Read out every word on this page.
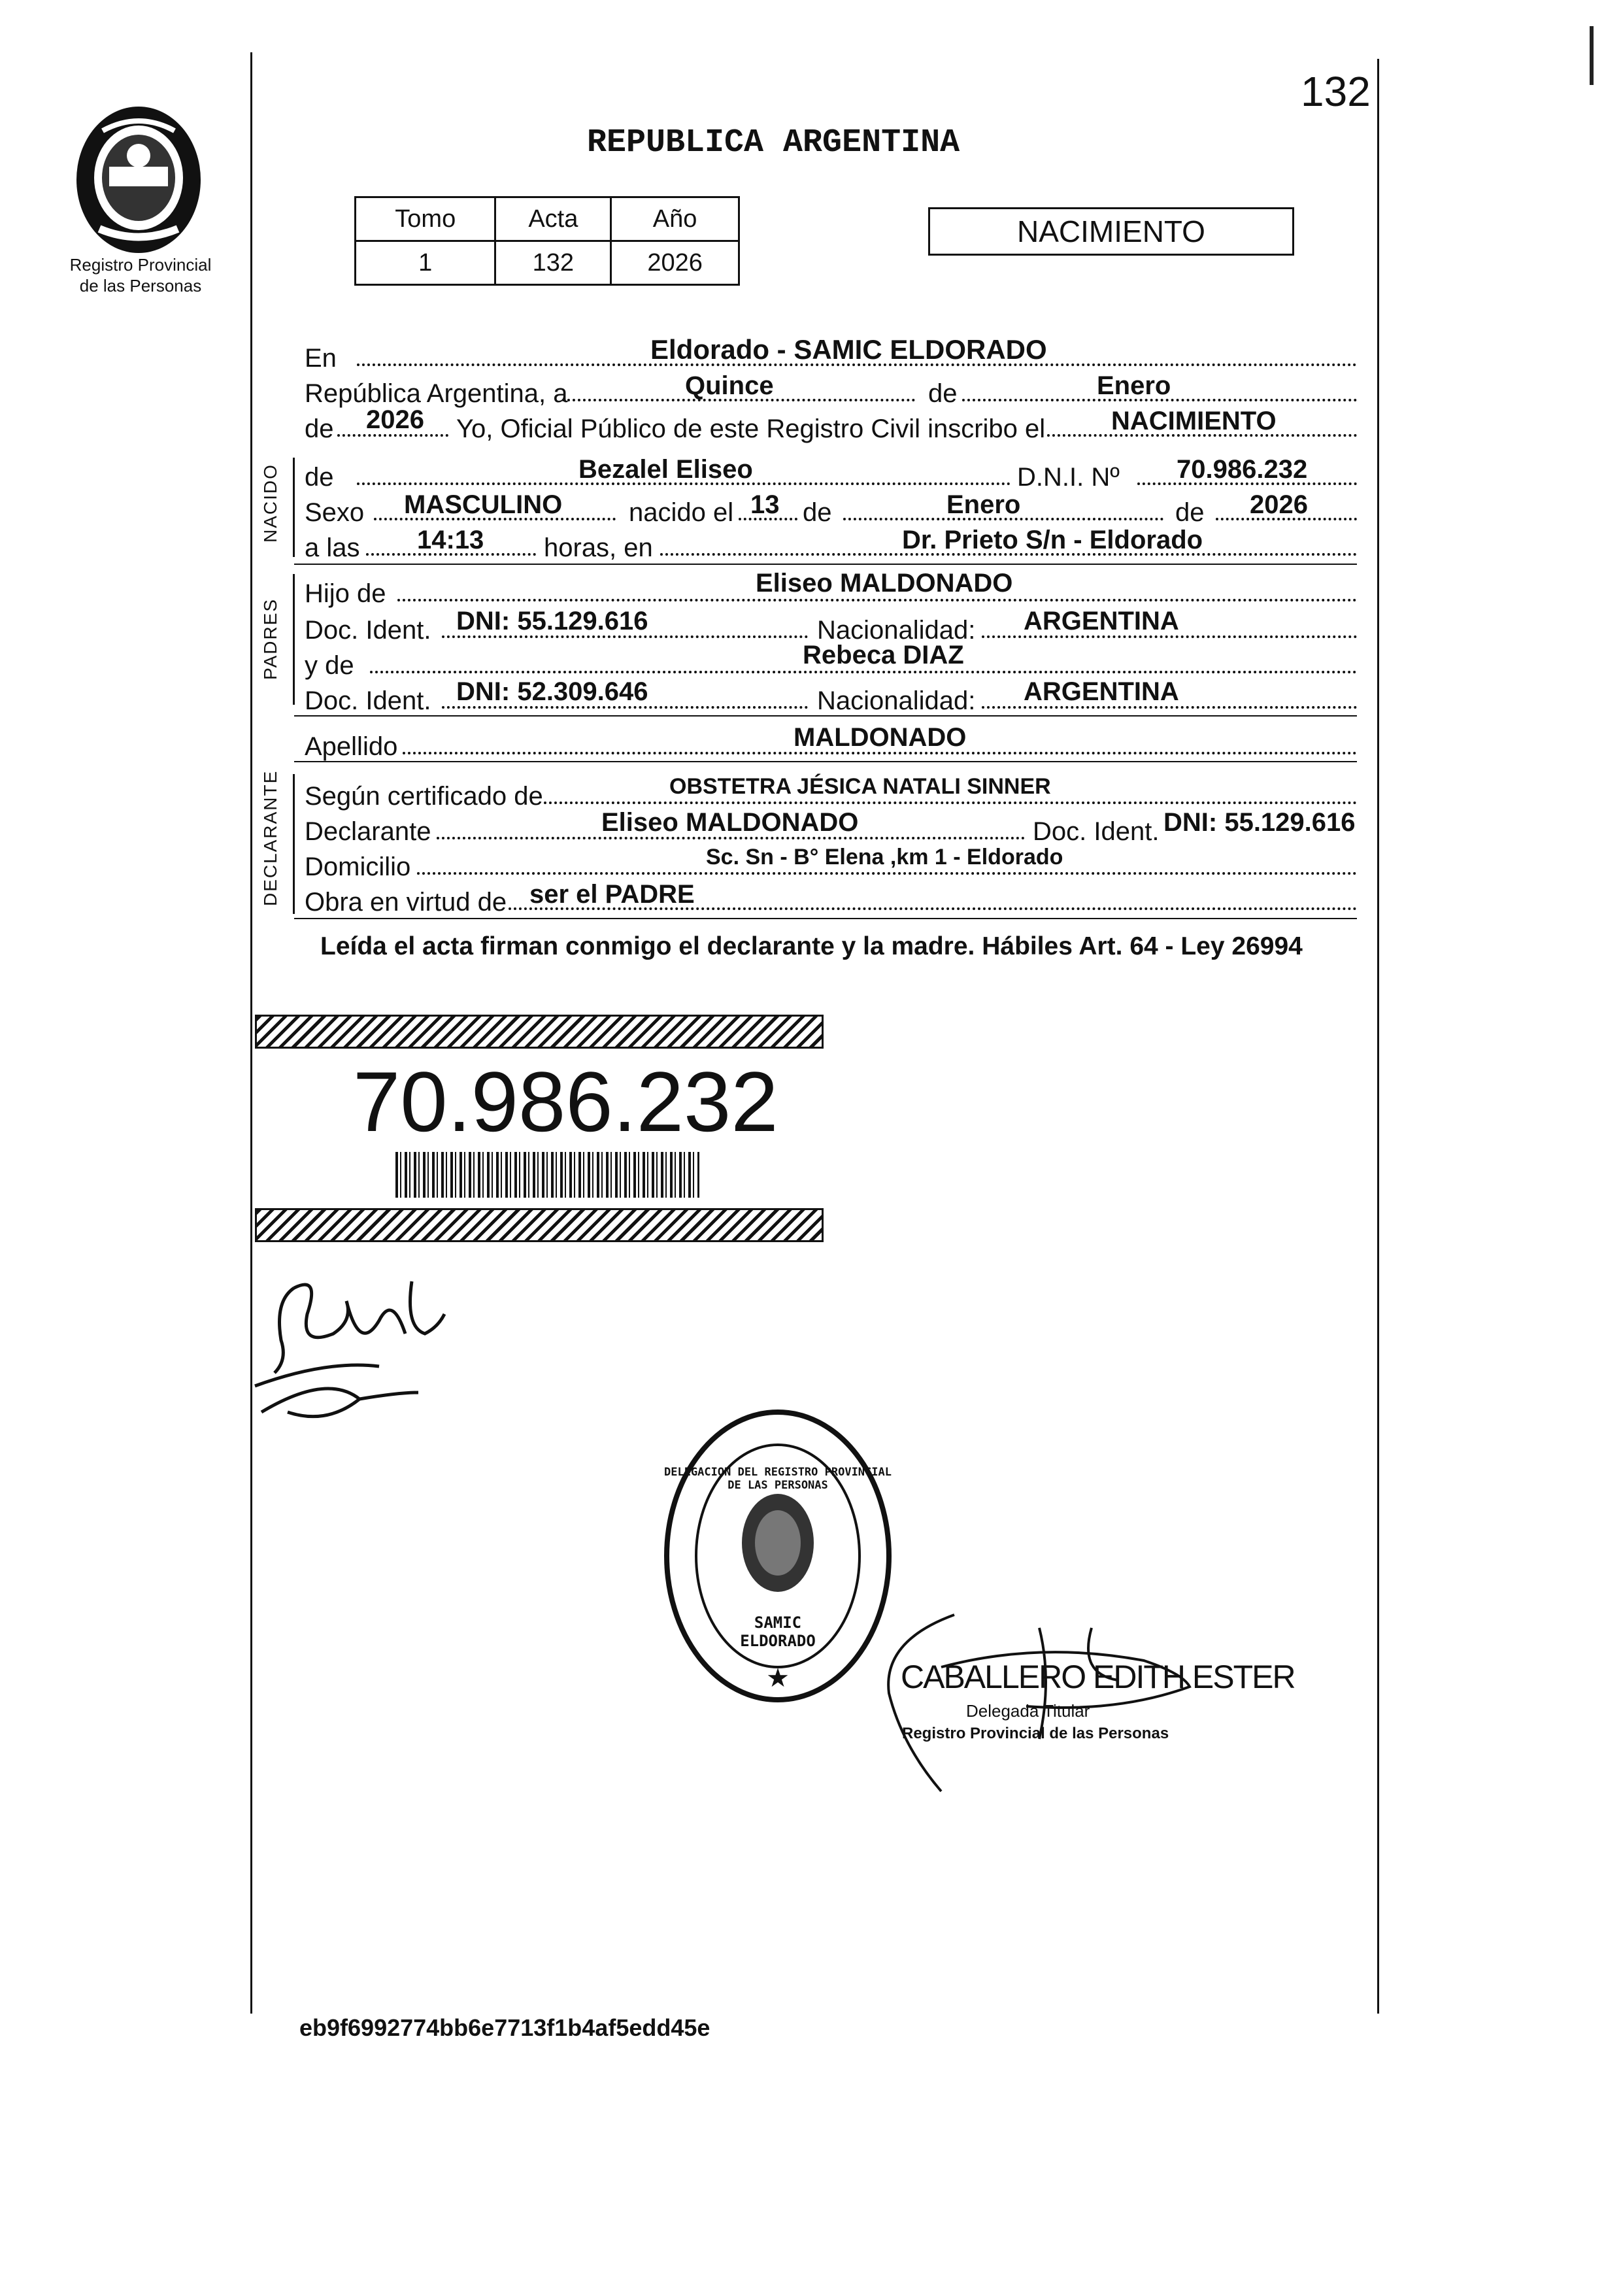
132
Registro Provincial
de las Personas
REPUBLICA ARGENTINA
Tomo	Acta	Año
1	132	2026
NACIMIENTO
En	Eldorado - SAMIC ELDORADO
República Argentina, a	Quince	de	Enero
de 2026 Yo, Oficial Público de este Registro Civil inscribo el	NACIMIENTO
NACIDO de	Bezalel Eliseo	D.N.I. Nº 70.986.232
Sexo MASCULINO	nacido el 13 de	Enero	de 2026
a las 14:13 horas, en	Dr. Prieto S/n - Eldorado
PADRES
Hijo de	Eliseo MALDONADO
Doc. Ident. DNI: 55.129.616	Nacionalidad: ARGENTINA
y de	Rebeca DIAZ
Doc. Ident. DNI: 52.309.646	Nacionalidad: ARGENTINA
Apellido	MALDONADO
DECLARANTE Según certificado de	OBSTETRA JÉSICA NATALI SINNER
Declarante	Eliseo MALDONADO	Doc. Ident. DNI: 55.129.616
Domicilio	Sc. Sn - B° Elena ,km 1 - Eldorado
Obra en virtud de ser el PADRE
Leída el acta firman conmigo el declarante y la madre. Hábiles Art. 64 - Ley 26994
70.986.232
★
DELEGACION DEL REGISTRO PROVINCIAL DE LAS PERSONAS
SAMIC ELDORADO
CABALLERO EDITH ESTER
Delegada Titular
Registro Provincial de las Personas
eb9f6992774bb6e7713f1b4af5edd45e
